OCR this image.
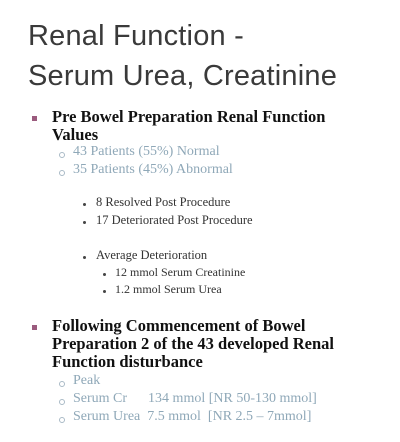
Renal Function -
Serum Urea, Creatinine
Pre Bowel Preparation Renal Function
Values
43 Patients (55%) Normal
35 Patients (45%) Abnormal
8 Resolved Post Procedure
17 Deteriorated Post Procedure
Average Deterioration
12 mmol Serum Creatinine
1.2 mmol Serum Urea
Following Commencement of Bowel
Preparation 2 of the 43 developed Renal
Function disturbance
Peak
Serum Cr      134 mmol [NR 50-130 mmol]
Serum Urea  7.5 mmol  [NR 2.5 – 7mmol]
